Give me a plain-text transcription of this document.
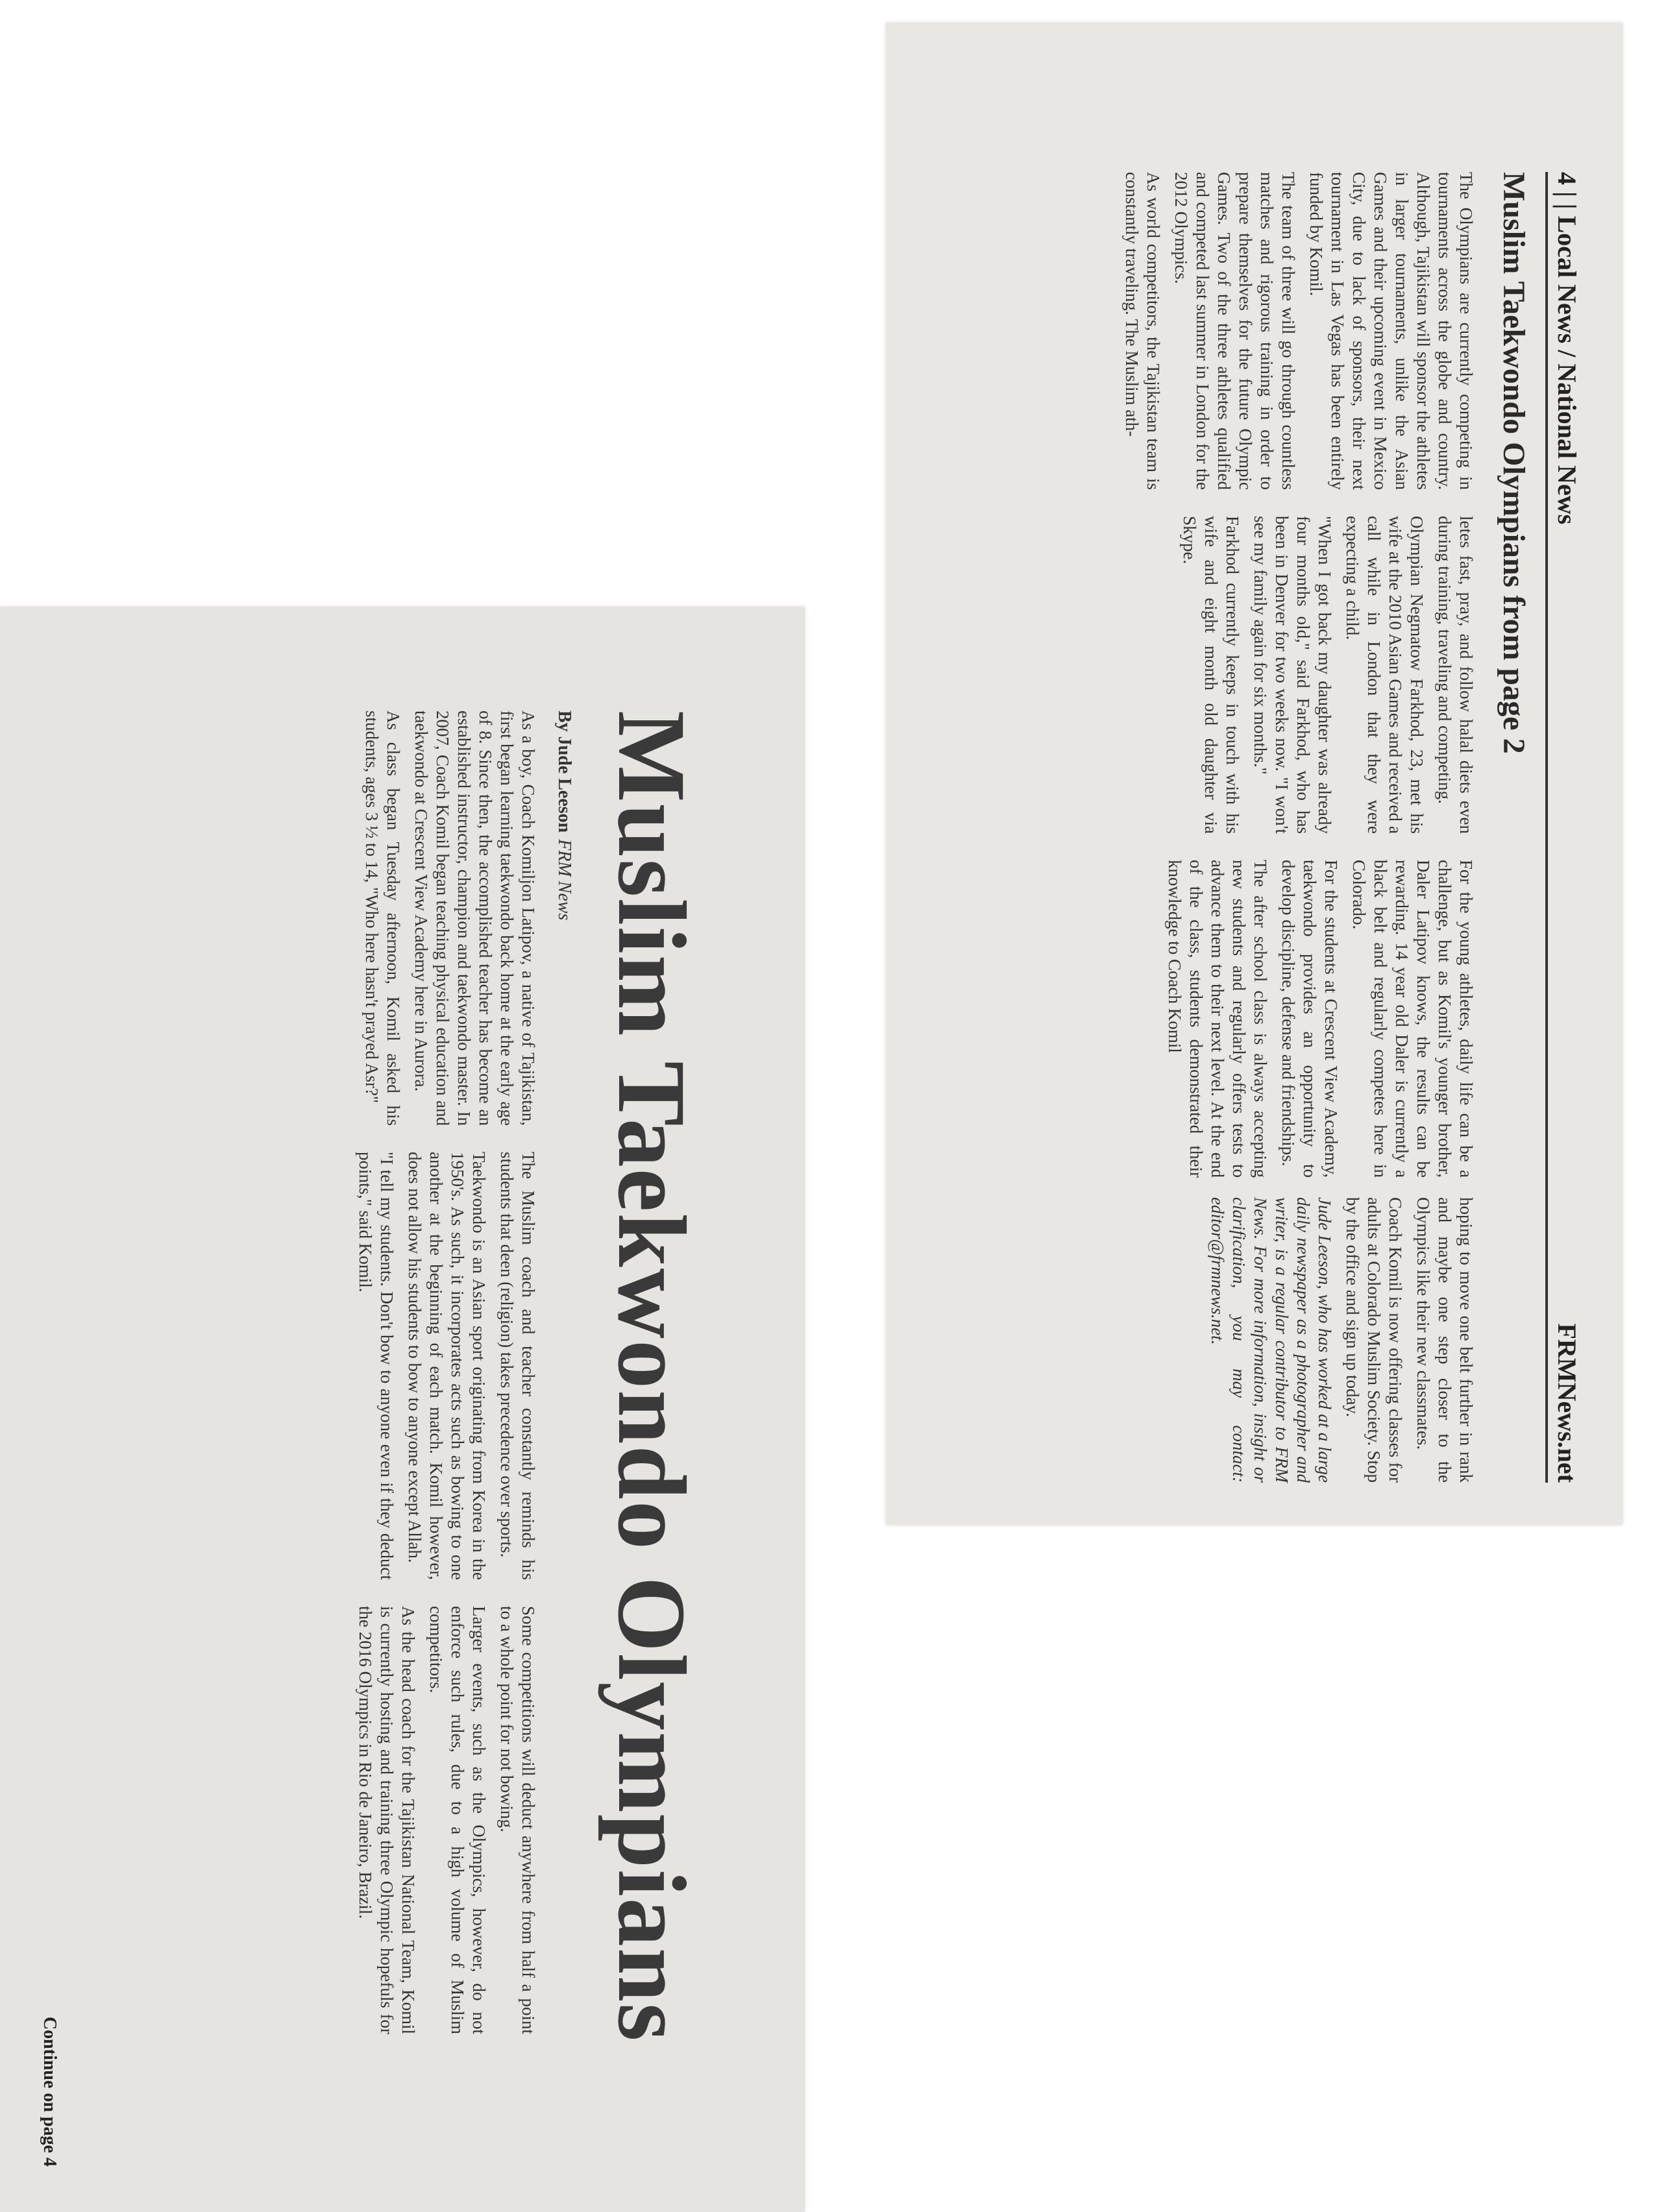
4 | | Local News / National News
FRMNews.net
Muslim Taekwondo Olympians from page 2

The Olympians are currently competing in tournaments across the globe and country. Although, Tajikistan will sponsor the athletes in larger tournaments, unlike the Asian Games and their upcoming event in Mexico City, due to lack of sponsors, their next tournament in Las Vegas has been entirely funded by Komil.

The team of three will go through countless matches and rigorous training in order to prepare themselves for the future Olympic Games. Two of the three athletes qualified and competed last summer in London for the 2012 Olympics.

As world competitors, the Tajikistan team is constantly traveling. The Muslim ath-

letes fast, pray, and follow halal diets even during training, traveling and competing.

Olympian Negmatow Farkhod, 23, met his wife at the 2010 Asian Games and received a call while in London that they were expecting a child.

"When I got back my daughter was already four months old," said Farkhod, who has been in Denver for two weeks now. "I won't see my family again for six months."

Farkhod currently keeps in touch with his wife and eight month old daughter via Skype.

For the young athletes, daily life can be a challenge, but as Komil's younger brother, Daler Latipov knows, the results can be rewarding. 14 year old Daler is currently a black belt and regularly competes here in Colorado.

For the students at Crescent View Academy, taekwondo provides an opportunity to develop discipline, defense and friendships.

The after school class is always accepting new students and regularly offers tests to advance them to their next level. At the end of the class, students demonstrated their knowledge to Coach Komil

hoping to move one belt further in rank and maybe one step closer to the Olympics like their new classmates.

Coach Komil is now offering classes for adults at Colorado Muslim Society. Stop by the office and sign up today.

Jude Leeson, who has worked at a large daily newspaper as a photographer and writer, is a regular contributor to FRM News. For more information, insight or clarification, you may contact: editor@frmnews.net.

Muslim Taekwondo Olympians
By Jude LeesonFRM News

As a boy, Coach Komiljon Latipov, a native of Tajikistan, first began learning taekwondo back home at the early age of 8. Since then, the accomplished teacher has become an established instructor, champion and taekwondo master. In 2007, Coach Komil began teaching physical education and taekwondo at Crescent View Academy here in Aurora.

As class began Tuesday afternoon, Komil asked his students, ages 3 ½ to 14, "Who here hasn't prayed Asr?"

The Muslim coach and teacher constantly reminds his students that deen (religion) takes precedence over sports.

Taekwondo is an Asian sport originating from Korea in the 1950's. As such, it incorporates acts such as bowing to one another at the beginning of each match. Komil however, does not allow his students to bow to anyone except Allah.

"I tell my students. Don't bow to anyone even if they deduct points," said Komil.

Some competitions will deduct anywhere from half a point to a whole point for not bowing.

Larger events, such as the Olympics, however, do not enforce such rules, due to a high volume of Muslim competitors.

As the head coach for the Tajikistan National Team, Komil is currently hosting and training three Olympic hopefuls for the 2016 Olympics in Rio de Janeiro, Brazil.

Continue on page 4
